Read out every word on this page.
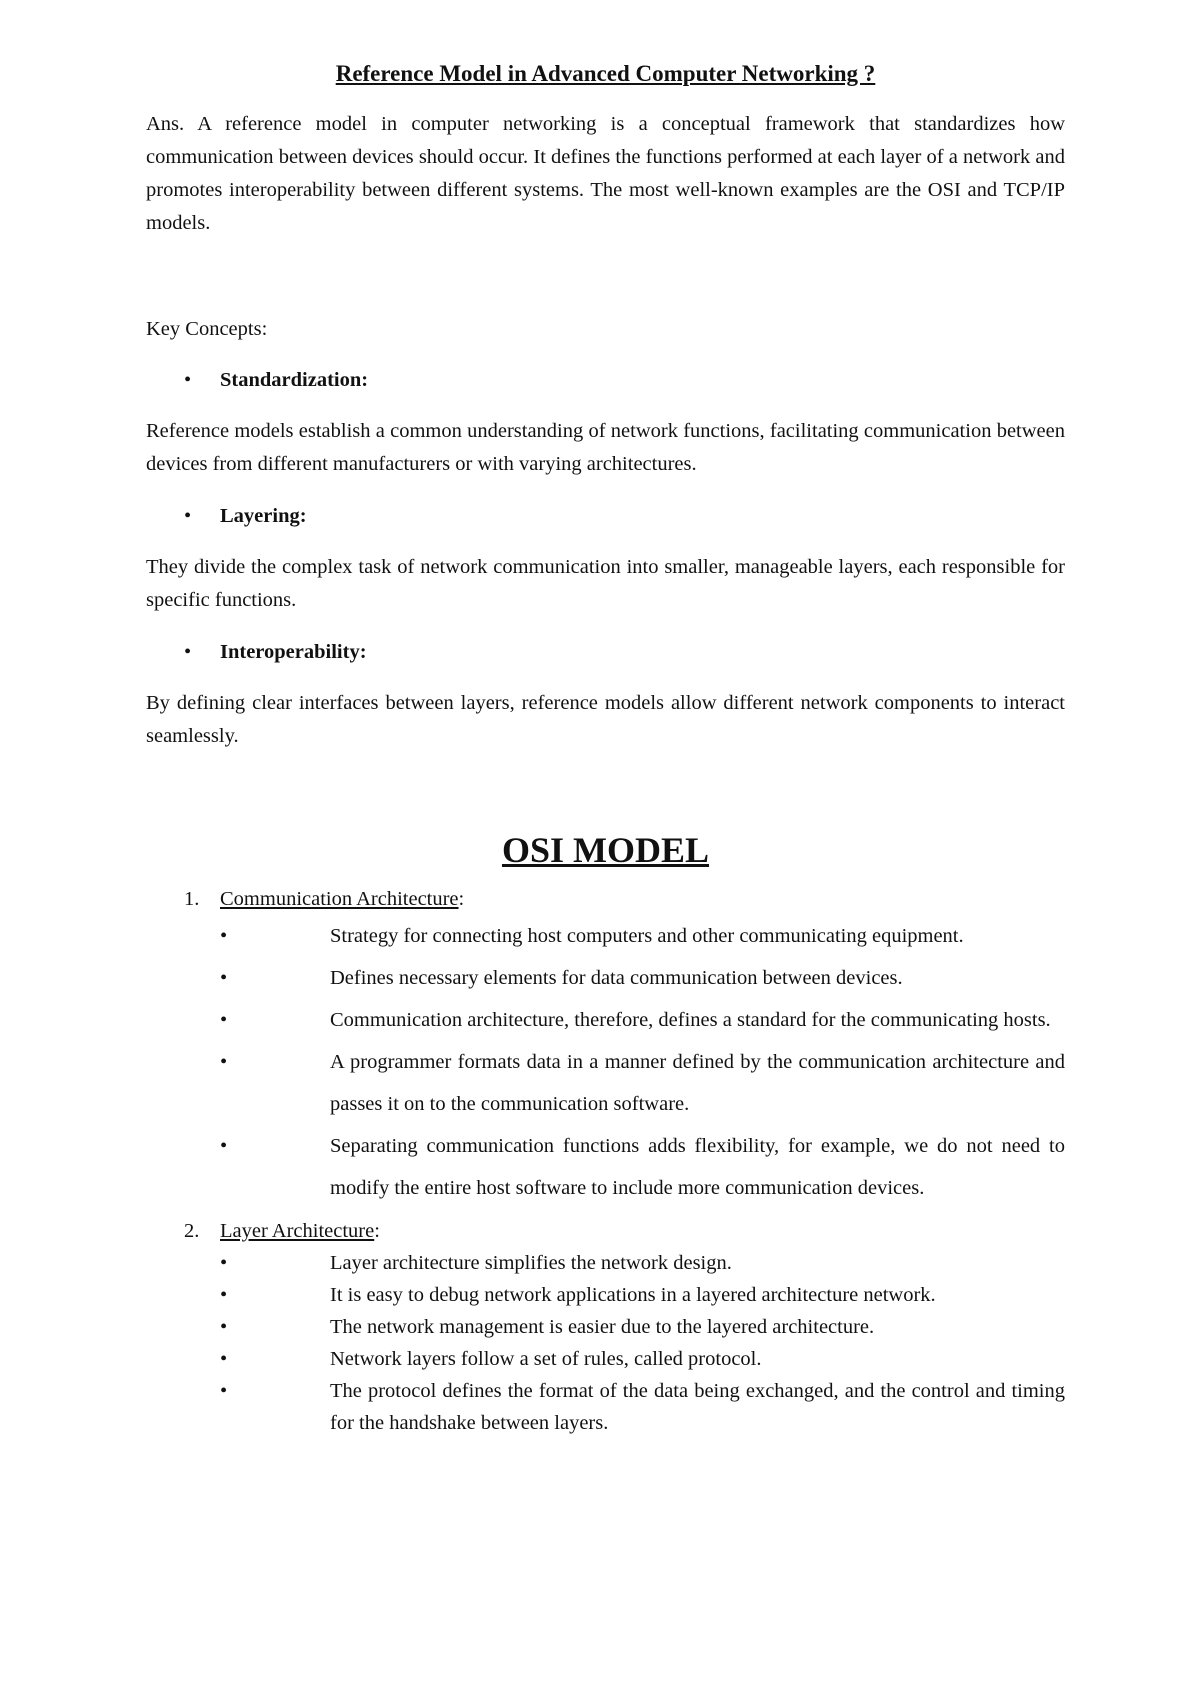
Reference Model in Advanced Computer Networking ?

Ans. A reference model in computer networking is a conceptual framework that standardizes how communication between devices should occur. It defines the functions performed at each layer of a network and promotes interoperability between different systems. The most well-known examples are the OSI and TCP/IP models.

Key Concepts:

•	Standardization:

Reference models establish a common understanding of network functions, facilitating communication between devices from different manufacturers or with varying architectures.

•	Layering:

They divide the complex task of network communication into smaller, manageable layers, each responsible for specific functions.

•	Interoperability:

By defining clear interfaces between layers, reference models allow different network components to interact seamlessly.

OSI MODEL
1.	Communication Architecture:
•	Strategy for connecting host computers and other communicating equipment.
•	Defines necessary elements for data communication between devices.
•	Communication architecture, therefore, defines a standard for the communicating hosts.
•	A programmer formats data in a manner defined by the communication architecture and passes it on to the communication software.
•	Separating communication functions adds flexibility, for example, we do not need to modify the entire host software to include more communication devices.
2.	Layer Architecture:
•	Layer architecture simplifies the network design.
•	It is easy to debug network applications in a layered architecture network.
•	The network management is easier due to the layered architecture.
•	Network layers follow a set of rules, called protocol.
•	The protocol defines the format of the data being exchanged, and the control and timing for the handshake between layers.
